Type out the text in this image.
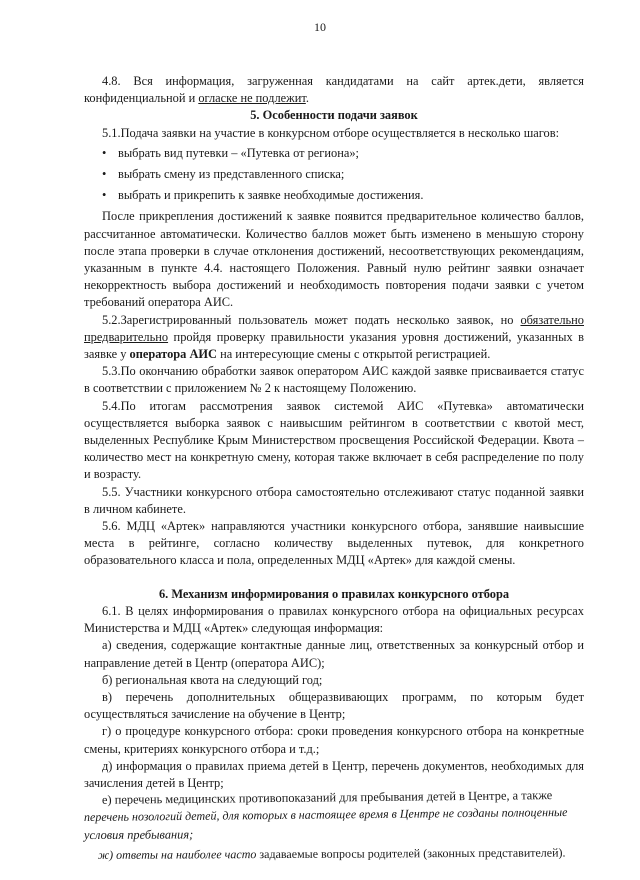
10

4.8. Вся информация, загруженная кандидатами на сайт артек.дети, является конфиденциальной и огласке не подлежит.

5. Особенности подачи заявок

5.1.Подача заявки на участие в конкурсном отборе осуществляется в несколько шагов:

• выбрать вид путевки – «Путевка от региона»;
• выбрать смену из представленного списка;
• выбрать и прикрепить к заявке необходимые достижения.

После прикрепления достижений к заявке появится предварительное количество баллов, рассчитанное автоматически. Количество баллов может быть изменено в меньшую сторону после этапа проверки в случае отклонения достижений, несоответствующих рекомендациям, указанным в пункте 4.4. настоящего Положения. Равный нулю рейтинг заявки означает некорректность выбора достижений и необходимость повторения подачи заявки с учетом требований оператора АИС.

5.2.Зарегистрированный пользователь может подать несколько заявок, но обязательно предварительно пройдя проверку правильности указания уровня достижений, указанных в заявке у оператора АИС на интересующие смены с открытой регистрацией.

5.3.По окончанию обработки заявок оператором АИС каждой заявке присваивается статус в соответствии с приложением № 2 к настоящему Положению.

5.4.По итогам рассмотрения заявок системой АИС «Путевка» автоматически осуществляется выборка заявок с наивысшим рейтингом в соответствии с квотой мест, выделенных Республике Крым Министерством просвещения Российской Федерации. Квота – количество мест на конкретную смену, которая также включает в себя распределение по полу и возрасту.

5.5. Участники конкурсного отбора самостоятельно отслеживают статус поданной заявки в личном кабинете.

5.6. МДЦ «Артек» направляются участники конкурсного отбора, занявшие наивысшие места в рейтинге, согласно количеству выделенных путевок, для конкретного образовательного класса и пола, определенных МДЦ «Артек» для каждой смены.

6. Механизм информирования о правилах конкурсного отбора

6.1. В целях информирования о правилах конкурсного отбора на официальных ресурсах Министерства и МДЦ «Артек» следующая информация:

а) сведения, содержащие контактные данные лиц, ответственных за конкурсный отбор и направление детей в Центр (оператора АИС);

б) региональная квота на следующий год;

в) перечень дополнительных общеразвивающих программ, по которым будет осуществляться зачисление на обучение в Центр;

г) о процедуре конкурсного отбора: сроки проведения конкурсного отбора на конкретные смены, критериях конкурсного отбора и т.д.;

д) информация о правилах приема детей в Центр, перечень документов, необходимых для зачисления детей в Центр;

е) перечень медицинских противопоказаний для пребывания детей в Центре, а также
перечень нозологий детей, для которых в настоящее время в Центре не созданы полноценные
условия пребывания;
ж) ответы на наиболее часто задаваемые вопросы родителей (законных представителей).
